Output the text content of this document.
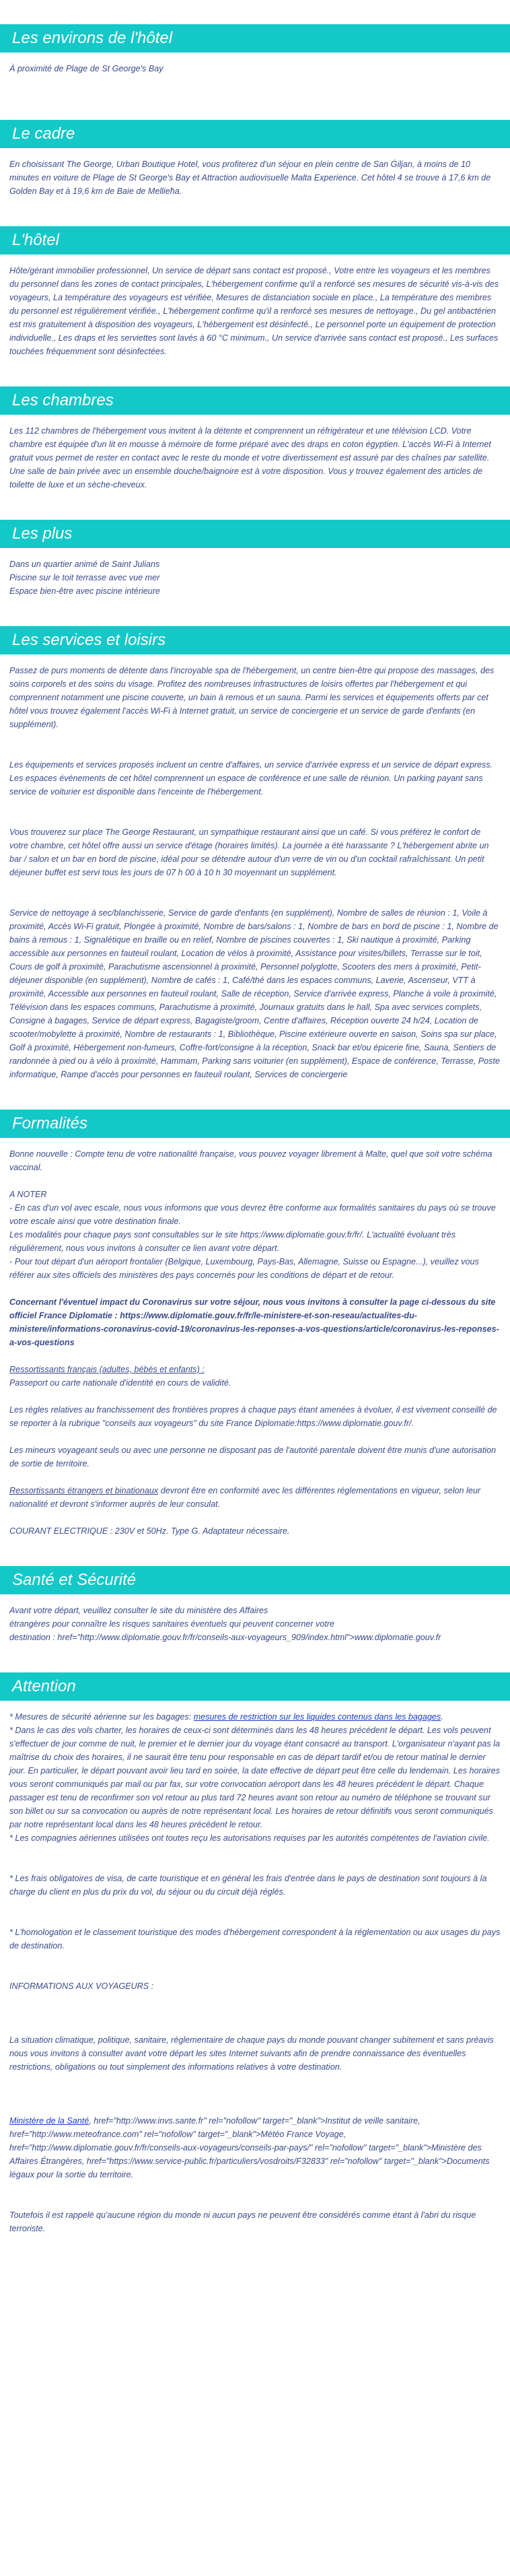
Les environs de l'hôtel

À proximité de Plage de St George's Bay

Le cadre

En choisissant The George, Urban Boutique Hotel, vous profiterez d'un séjour en plein centre de San Ġiljan, à moins de 10 minutes en voiture de Plage de St George's Bay et Attraction audiovisuelle Malta Experience. Cet hôtel 4 se trouve à 17,6 km de Golden Bay et à 19,6 km de Baie de Mellieħa.

L'hôtel

Hôte/gérant immobilier professionnel, Un service de départ sans contact est proposé., Votre entre les voyageurs et les membres du personnel dans les zones de contact principales, L'hébergement confirme qu'il a renforcé ses mesures de sécurité vis-à-vis des voyageurs, La température des voyageurs est vérifiée, Mesures de distanciation sociale en place., La température des membres du personnel est régulièrement vérifiée., L'hébergement confirme qu'il a renforcé ses mesures de nettoyage., Du gel antibactérien est mis gratuitement à disposition des voyageurs, L'hébergement est désinfecté., Le personnel porte un équipement de protection individuelle., Les draps et les serviettes sont lavés à 60 °C minimum., Un service d'arrivée sans contact est proposé., Les surfaces touchées fréquemment sont désinfectées.

Les chambres

Les 112 chambres de l'hébergement vous invitent à la détente et comprennent un réfrigérateur et une télévision LCD. Votre chambre est équipée d'un lit en mousse à mémoire de forme préparé avec des draps en coton égyptien. L'accès Wi-Fi à Internet gratuit vous permet de rester en contact avec le reste du monde et votre divertissement est assuré par des chaînes par satellite. Une salle de bain privée avec un ensemble douche/baignoire est à votre disposition. Vous y trouvez également des articles de toilette de luxe et un sèche-cheveux.

Les plus

Dans un quartier animé de Saint Julians

Piscine sur le toit terrasse avec vue mer

Espace bien-être avec piscine intérieure

Les services et loisirs

Passez de purs moments de détente dans l'incroyable spa de l'hébergement, un centre bien-être qui propose des massages, des soins corporels et des soins du visage. Profitez des nombreuses infrastructures de loisirs offertes par l'hébergement et qui comprennent notamment une piscine couverte, un bain à remous et un sauna. Parmi les services et équipements offerts par cet hôtel vous trouvez également l'accès Wi-Fi à Internet gratuit, un service de conciergerie et un service de garde d'enfants (en supplément).

Les équipements et services proposés incluent un centre d'affaires, un service d'arrivée express et un service de départ express. Les espaces événements de cet hôtel comprennent un espace de conférence et une salle de réunion. Un parking payant sans service de voiturier est disponible dans l'enceinte de l'hébergement.

Vous trouverez sur place The George Restaurant, un sympathique restaurant ainsi que un café. Si vous préférez le confort de votre chambre, cet hôtel offre aussi un service d'étage (horaires limités). La journée a été harassante ? L'hébergement abrite un bar / salon et un bar en bord de piscine, idéal pour se détendre autour d'un verre de vin ou d'un cocktail rafraîchissant. Un petit déjeuner buffet est servi tous les jours de 07 h 00 à 10 h 30 moyennant un supplément.

Service de nettoyage à sec/blanchisserie, Service de garde d'enfants (en supplément), Nombre de salles de réunion : 1, Voile à proximité, Accès Wi-Fi gratuit, Plongée à proximité, Nombre de bars/salons : 1, Nombre de bars en bord de piscine : 1, Nombre de bains à remous : 1, Signalétique en braille ou en relief, Nombre de piscines couvertes : 1, Ski nautique à proximité, Parking accessible aux personnes en fauteuil roulant, Location de vélos à proximité, Assistance pour visites/billets, Terrasse sur le toit, Cours de golf à proximité, Parachutisme ascensionnel à proximité, Personnel polyglotte, Scooters des mers à proximité, Petit-déjeuner disponible (en supplément), Nombre de cafés : 1, Café/thé dans les espaces communs, Laverie, Ascenseur, VTT à proximité, Accessible aux personnes en fauteuil roulant, Salle de réception, Service d'arrivée express, Planche à voile à proximité, Télévision dans les espaces communs, Parachutisme à proximité, Journaux gratuits dans le hall, Spa avec services complets, Consigne à bagages, Service de départ express, Bagagiste/groom, Centre d'affaires, Réception ouverte 24 h/24, Location de scooter/mobylette à proximité, Nombre de restaurants : 1, Bibliothèque, Piscine extérieure ouverte en saison, Soins spa sur place, Golf à proximité, Hébergement non-fumeurs, Coffre-fort/consigne à la réception, Snack bar et/ou épicerie fine, Sauna, Sentiers de randonnée à pied ou à vélo à proximité, Hammam, Parking sans voiturier (en supplément), Espace de conférence, Terrasse, Poste informatique, Rampe d'accès pour personnes en fauteuil roulant, Services de conciergerie

Formalités

Bonne nouvelle : Compte tenu de votre nationalité française, vous pouvez voyager librement à Malte, quel que soit votre schéma vaccinal.

A NOTER

- En cas d'un vol avec escale, nous vous informons que vous devrez être conforme aux formalités sanitaires du pays où se trouve votre escale ainsi que votre destination finale.

Les modalités pour chaque pays sont consultables sur le site https://www.diplomatie.gouv.fr/fr/. L'actualité évoluant très régulièrement, nous vous invitons à consulter ce lien avant votre départ.

- Pour tout départ d'un aéroport frontalier (Belgique, Luxembourg, Pays-Bas, Allemagne, Suisse ou Espagne...), veuillez vous référer aux sites officiels des ministères des pays concernés pour les conditions de départ et de retour.

Concernant l'éventuel impact du Coronavirus sur votre séjour, nous vous invitons à consulter la page ci-dessous du site officiel France Diplomatie : https://www.diplomatie.gouv.fr/fr/le-ministere-et-son-reseau/actualites-du-ministere/informations-coronavirus-covid-19/coronavirus-les-reponses-a-vos-questions/article/coronavirus-les-reponses-a-vos-questions

Ressortissants français (adultes, bébés et enfants) :

Passeport ou carte nationale d'identité en cours de validité.

Les règles relatives au franchissement des frontières propres à chaque pays étant amenées à évoluer, il est vivement conseillé de se reporter à la rubrique "conseils aux voyageurs" du site France Diplomatie:https://www.diplomatie.gouv.fr/.

Les mineurs voyageant seuls ou avec une personne ne disposant pas de l'autorité parentale doivent être munis d'une autorisation de sortie de territoire.

Ressortissants étrangers et binationaux devront être en conformité avec les différentes réglementations en vigueur, selon leur nationalité et devront s'informer auprès de leur consulat.

COURANT ELECTRIQUE : 230V et 50Hz. Type G. Adaptateur nécessaire.

Santé et Sécurité

Avant votre départ, veuillez consulter le site du ministère des Affaires

étrangères pour connaître les risques sanitaires éventuels qui peuvent concerner votre

destination : href="http://www.diplomatie.gouv.fr/fr/conseils-aux-voyageurs_909/index.html">www.diplomatie.gouv.fr

Attention

* Mesures de sécurité aérienne sur les bagages: mesures de restriction sur les liquides contenus dans les bagages.

* Dans le cas des vols charter, les horaires de ceux-ci sont déterminés dans les 48 heures précédent le départ. Les vols peuvent s'effectuer de jour comme de nuit, le premier et le dernier jour du voyage étant consacré au transport. L'organisateur n'ayant pas la maîtrise du choix des horaires, il ne saurait être tenu pour responsable en cas de départ tardif et/ou de retour matinal le dernier jour. En particulier, le départ pouvant avoir lieu tard en soirée, la date effective de départ peut être celle du lendemain. Les horaires vous seront communiqués par mail ou par fax, sur votre convocation aéroport dans les 48 heures précédent le départ. Chaque passager est tenu de reconfirmer son vol retour au plus tard 72 heures avant son retour au numéro de téléphone se trouvant sur son billet ou sur sa convocation ou auprès de notre représentant local. Les horaires de retour définitifs vous seront communiqués par notre représentant local dans les 48 heures précédent le retour.

* Les compagnies aériennes utilisées ont toutes reçu les autorisations requises par les autorités compétentes de l'aviation civile.

* Les frais obligatoires de visa, de carte touristique et en général les frais d'entrée dans le pays de destination sont toujours à la charge du client en plus du prix du vol, du séjour ou du circuit déjà réglés.

* L'homologation et le classement touristique des modes d'hébergement correspondent à la réglementation ou aux usages du pays de destination.

INFORMATIONS AUX VOYAGEURS :

La situation climatique, politique, sanitaire, réglementaire de chaque pays du monde pouvant changer subitement et sans préavis

nous vous invitons à consulter avant votre départ les sites Internet suivants afin de prendre connaissance des éventuelles restrictions, obligations ou tout simplement des informations relatives à votre destination.

Ministère de la Santé, href="http://www.invs.sante.fr" rel="nofollow" target="_blank">Institut de veille sanitaire, href="http://www.meteofrance.com" rel="nofollow" target="_blank">Météo France Voyage, href="http://www.diplomatie.gouv.fr/fr/conseils-aux-voyageurs/conseils-par-pays/" rel="nofollow" target="_blank">Ministère des Affaires Étrangères, href="https://www.service-public.fr/particuliers/vosdroits/F32833" rel="nofollow" target="_blank">Documents légaux pour la sortie du territoire.

Toutefois il est rappelé qu'aucune région du monde ni aucun pays ne peuvent être considérés comme étant à l'abri du risque terroriste.
